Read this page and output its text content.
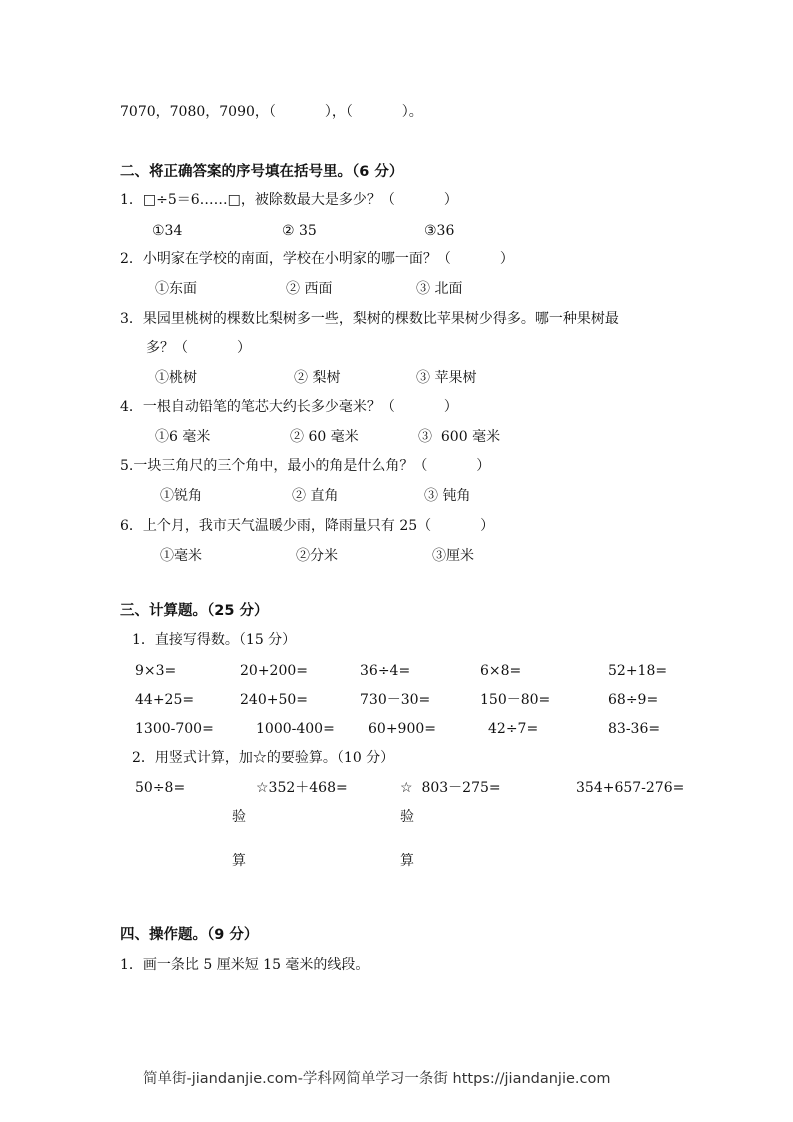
7070，7080，7090，（           ），（           ）。
二、将正确答案的序号填在括号里。（6 分）
1．□÷5＝6……□，被除数最大是多少？（           ）
①34	② 35	③36
2．小明家在学校的南面，学校在小明家的哪一面？（           ）
①东面	② 西面	③ 北面
3．果园里桃树的棵数比梨树多一些，梨树的棵数比苹果树少得多。哪一种果树最
多？（           ）
①桃树	② 梨树	③ 苹果树
4．一根自动铅笔的笔芯大约长多少毫米？（           ）
①6 毫米	② 60 毫米	③  600 毫米
5.一块三角尺的三个角中，最小的角是什么角？（           ）
①锐角	② 直角	③ 钝角
6．上个月，我市天气温暖少雨，降雨量只有 25（           ）
①毫米	②分米	③厘米
三、计算题。（25 分）
1．直接写得数。（15 分）
9×3=	20+200=	36÷4=	6×8=	52+18=
44+25=	240+50=	730－30=	150－80=	68÷9=
1300-700=	1000-400= 60+900=	42÷7=	83-36=
2．用竖式计算，加☆的要验算。（10 分）
50÷8=	☆352＋468=	☆  803－275=	354+657-276=
验	验
算	算
四、操作题。（9 分）
1．画一条比 5 厘米短 15 毫米的线段。
简单街-jiandanjie.com-学科网简单学习一条街 https://jiandanjie.com
